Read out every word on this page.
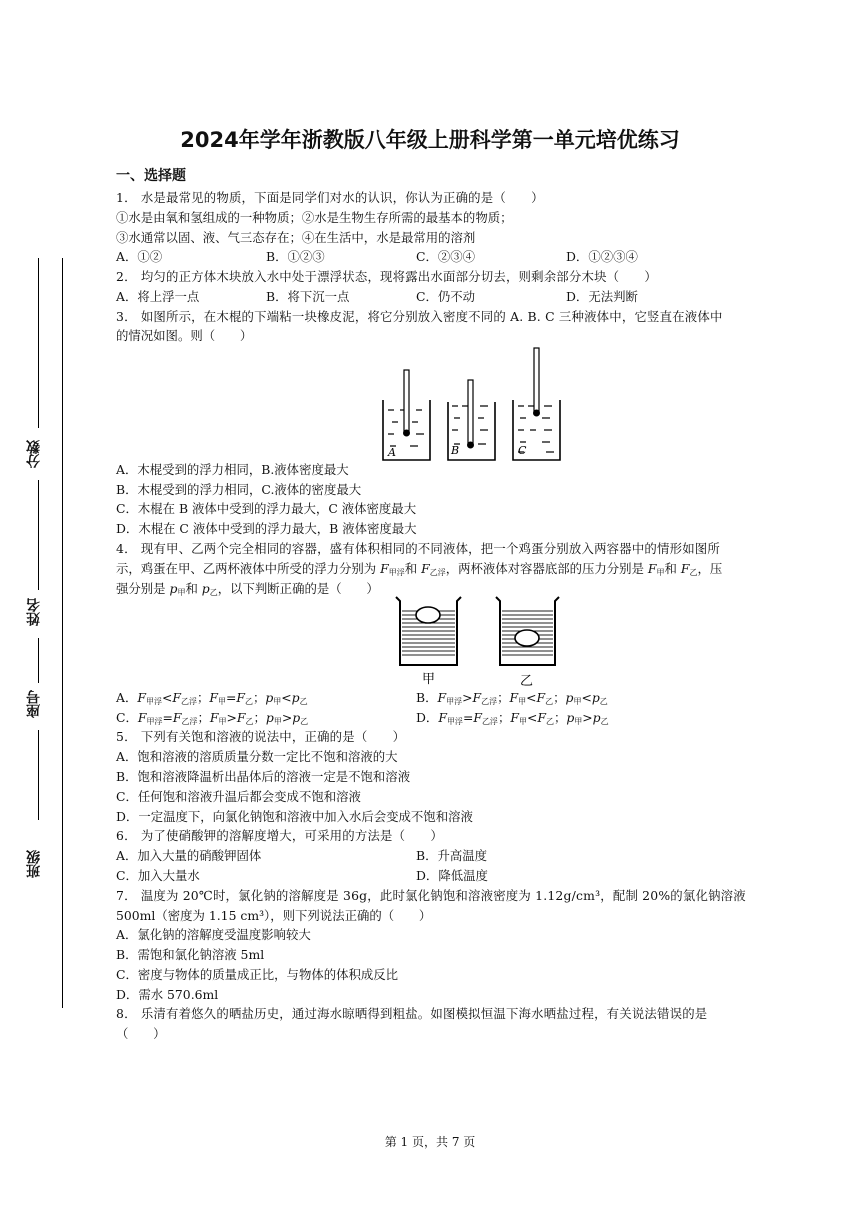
分数
姓名
座号
班级
2024年学年浙教版八年级上册科学第一单元培优练习
一、选择题
1． 水是最常见的物质，下面是同学们对水的认识，你认为正确的是（　　）
①水是由氧和氢组成的一种物质；②水是生物生存所需的最基本的物质；
③水通常以固、液、气三态存在；④在生活中，水是最常用的溶剂
A．①②	B．①②③	C．②③④	D．①②③④
2． 均匀的正方体木块放入水中处于漂浮状态，现将露出水面部分切去，则剩余部分木块（　　）
A．将上浮一点	B．将下沉一点	C．仍不动	D．无法判断
3． 如图所示，在木棍的下端粘一块橡皮泥，将它分别放入密度不同的 A. B. C 三种液体中，它竖直在液体中
的情况如图。则（　　）
A	B	C
A．木棍受到的浮力相同，B.液体密度最大
B．木棍受到的浮力相同，C.液体的密度最大
C．木棍在 B 液体中受到的浮力最大，C 液体密度最大
D．木棍在 C 液体中受到的浮力最大，B 液体密度最大
4． 现有甲、乙两个完全相同的容器，盛有体积相同的不同液体，把一个鸡蛋分别放入两容器中的情形如图所
示，鸡蛋在甲、乙两杯液体中所受的浮力分别为 $F_{甲浮}$和 $F_{乙浮}$，两杯液体对容器底部的压力分别是 $F_甲$和 $F_乙$，压
强分别是 $p_甲$和 $p_乙$，以下判断正确的是（　　）
甲	乙
A．$F_{甲浮}<F_{乙浮}$；$F_甲=F_乙$；$p_甲<p_乙$	B．$F_{甲浮}>F_{乙浮}$；$F_甲<F_乙$；$p_甲<p_乙$
C．$F_{甲浮}=F_{乙浮}$；$F_甲>F_乙$；$p_甲>p_乙$	D．$F_{甲浮}=F_{乙浮}$；$F_甲<F_乙$；$p_甲>p_乙$
5． 下列有关饱和溶液的说法中，正确的是（　　）
A．饱和溶液的溶质质量分数一定比不饱和溶液的大
B．饱和溶液降温析出晶体后的溶液一定是不饱和溶液
C．任何饱和溶液升温后都会变成不饱和溶液
D．一定温度下，向氯化钠饱和溶液中加入水后会变成不饱和溶液
6． 为了使硝酸钾的溶解度增大，可采用的方法是（　　）
A．加入大量的硝酸钾固体	B．升高温度
C．加入大量水	D．降低温度
7． 温度为 20℃时，氯化钠的溶解度是 36g，此时氯化钠饱和溶液密度为 1.12g/cm³，配制 20%的氯化钠溶液
500ml（密度为 1.15 cm³），则下列说法正确的（　　）
A．氯化钠的溶解度受温度影响较大
B．需饱和氯化钠溶液 5ml
C．密度与物体的质量成正比，与物体的体积成反比
D．需水 570.6ml
8． 乐清有着悠久的晒盐历史，通过海水晾晒得到粗盐。如图模拟恒温下海水晒盐过程，有关说法错误的是
（　　）
第 1 页，共 7 页
